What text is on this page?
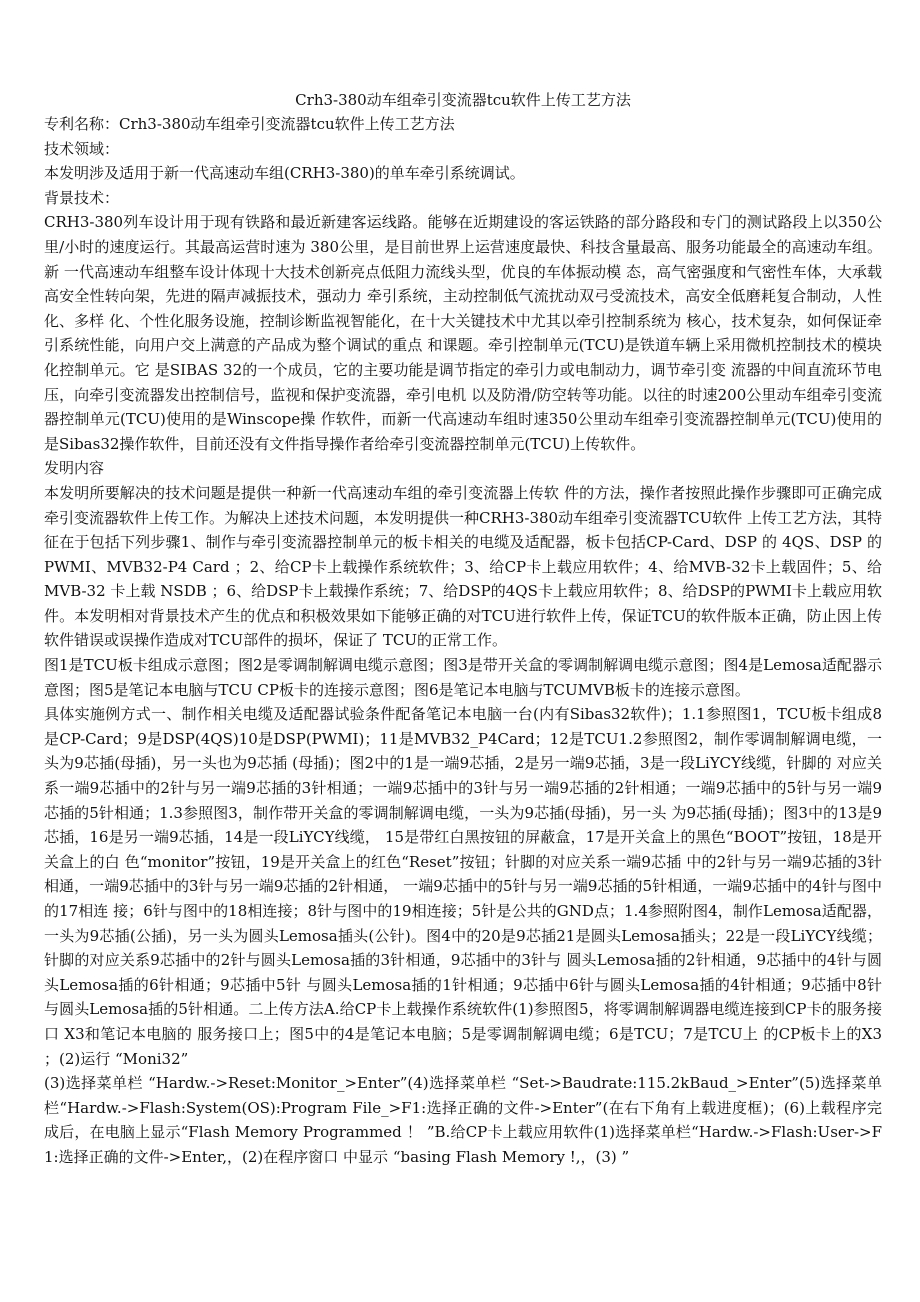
Crh3-380动车组牵引变流器tcu软件上传工艺方法

专利名称：Crh3-380动车组牵引变流器tcu软件上传工艺方法

技术领域：

本发明涉及适用于新一代高速动车组(CRH3-380)的单车牵引系统调试。

背景技术：

CRH3-380列车设计用于现有铁路和最近新建客运线路。能够在近期建设的客运铁路的部分路段和专门的测试路段上以350公里/小时的速度运行。其最高运营时速为 380公里，是目前世界上运营速度最快、科技含量最高、服务功能最全的高速动车组。新 一代高速动车组整车设计体现十大技术创新亮点低阻力流线头型，优良的车体振动模 态，高气密强度和气密性车体，大承载高安全性转向架，先进的隔声减振技术，强动力 牵引系统，主动控制低气流扰动双弓受流技术，高安全低磨耗复合制动，人性化、多样 化、个性化服务设施，控制诊断监视智能化，在十大关键技术中尤其以牵引控制系统为 核心，技术复杂，如何保证牵引系统性能，向用户交上满意的产品成为整个调试的重点 和课题。牵引控制单元(TCU)是铁道车辆上采用微机控制技术的模块化控制单元。它 是SIBAS 32的一个成员，它的主要功能是调节指定的牵引力或电制动力，调节牵引变 流器的中间直流环节电压，向牵引变流器发出控制信号，监视和保护变流器，牵引电机 以及防滑/防空转等功能。以往的时速200公里动车组牵引变流器控制单元(TCU)使用的是Winscope操 作软件，而新一代高速动车组时速350公里动车组牵引变流器控制单元(TCU)使用的是Sibas32操作软件，目前还没有文件指导操作者给牵引变流器控制单元(TCU)上传软件。

发明内容

本发明所要解决的技术问题是提供一种新一代高速动车组的牵引变流器上传软 件的方法，操作者按照此操作步骤即可正确完成牵引变流器软件上传工作。为解决上述技术问题，本发明提供一种CRH3-380动车组牵引变流器TCU软件 上传工艺方法，其特征在于包括下列步骤1、制作与牵引变流器控制单元的板卡相关的电缆及适配器，板卡包括CP-Card、DSP 的 4QS、DSP 的 PWMI、MVB32-P4 Card ；2、给CP卡上载操作系统软件；3、给CP卡上载应用软件；4、给MVB-32卡上载固件；5、给 MVB-32 卡上载 NSDB ；6、给DSP卡上载操作系统；7、给DSP的4QS卡上载应用软件；8、给DSP的PWMI卡上载应用软件。本发明相对背景技术产生的优点和积极效果如下能够正确的对TCU进行软件上传，保证TCU的软件版本正确，防止因上传软件错误或误操作造成对TCU部件的损坏，保证了 TCU的正常工作。

图1是TCU板卡组成示意图；图2是零调制解调电缆示意图；图3是带开关盒的零调制解调电缆示意图；图4是Lemosa适配器示意图；图5是笔记本电脑与TCU CP板卡的连接示意图；图6是笔记本电脑与TCUMVB板卡的连接示意图。

具体实施例方式一、制作相关电缆及适配器试验条件配备笔记本电脑一台(内有Sibas32软件)；1.1参照图1，TCU板卡组成8是CP-Card；9是DSP(4QS)10是DSP(PWMI)；11是MVB32_P4Card；12是TCU1.2参照图2，制作零调制解调电缆，一头为9芯插(母插)，另一头也为9芯插 (母插)；图2中的1是一端9芯插，2是另一端9芯插，3是一段LiYCY线缆，针脚的 对应关系一端9芯插中的2针与另一端9芯插的3针相通；一端9芯插中的3针与另一端9芯插的2针相通；一端9芯插中的5针与另一端9芯插的5针相通；1.3参照图3，制作带开关盒的零调制解调电缆，一头为9芯插(母插)，另一头 为9芯插(母插)；图3中的13是9芯插，16是另一端9芯插，14是一段LiYCY线缆， 15是带红白黑按钮的屏蔽盒，17是开关盒上的黑色“BOOT”按钮，18是开关盒上的白 色“monitor”按钮，19是开关盒上的红色“Reset”按钮；针脚的对应关系一端9芯插 中的2针与另一端9芯插的3针相通，一端9芯插中的3针与另一端9芯插的2针相通， 一端9芯插中的5针与另一端9芯插的5针相通，一端9芯插中的4针与图中的17相连 接；6针与图中的18相连接；8针与图中的19相连接；5针是公共的GND点；1.4参照附图4，制作Lemosa适配器，一头为9芯插(公插)，另一头为圆头Lemosa插头(公针)。图4中的20是9芯插21是圆头Lemosa插头；22是一段LiYCY线缆；针脚的对应关系9芯插中的2针与圆头Lemosa插的3针相通，9芯插中的3针与 圆头Lemosa插的2针相通，9芯插中的4针与圆头Lemosa插的6针相通；9芯插中5针 与圆头Lemosa插的1针相通；9芯插中6针与圆头Lemosa插的4针相通；9芯插中8针 与圆头Lemosa插的5针相通。二上传方法A.给CP卡上载操作系统软件(1)参照图5，将零调制解调器电缆连接到CP卡的服务接口 X3和笔记本电脑的 服务接口上；图5中的4是笔记本电脑；5是零调制解调电缆；6是TCU；7是TCU上 的CP板卡上的X3 ；(2)运行 “Moni32”

(3)选择菜单栏 “Hardw.->Reset:Monitor_>Enter”(4)选择菜单栏 “Set->Baudrate:115.2kBaud_>Enter”(5)选择菜单栏“Hardw.->Flash:System(OS):Program File_>F1:选择正确的文件->Enter”(在右下角有上载进度框)；(6)上载程序完成后，在电脑上显示“Flash Memory Programmed ！ ”B.给CP卡上载应用软件(1)选择菜单栏“Hardw.->Flash:User->F1:选择正确的文件->Enter,，(2)在程序窗口 中显示 “basing Flash Memory !,，(3) ”
